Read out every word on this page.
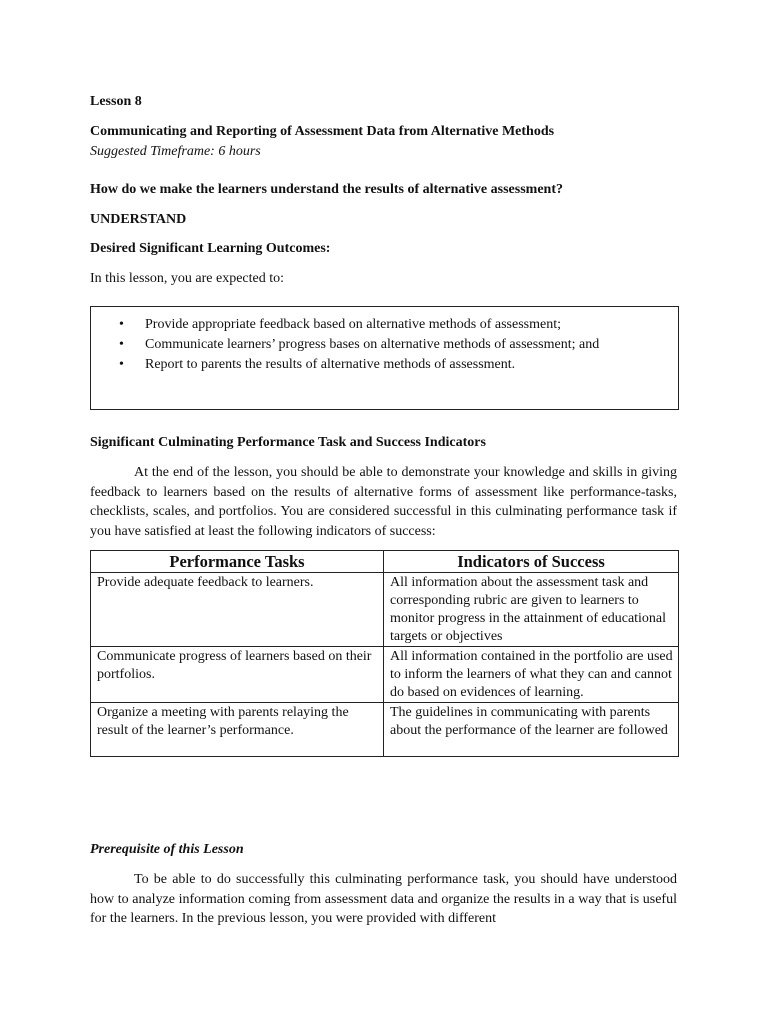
Lesson 8
Communicating and Reporting of Assessment Data from Alternative Methods
Suggested Timeframe: 6 hours
How do we make the learners understand the results of alternative assessment?
UNDERSTAND
Desired Significant Learning Outcomes:
In this lesson, you are expected to:
• Provide appropriate feedback based on alternative methods of assessment;
• Communicate learners’ progress bases on alternative methods of assessment; and
• Report to parents the results of alternative methods of assessment.
Significant Culminating Performance Task and Success Indicators

At the end of the lesson, you should be able to demonstrate your knowledge and skills in giving feedback to learners based on the results of alternative forms of assessment like performance-tasks, checklists, scales, and portfolios. You are considered successful in this culminating performance task if you have satisfied at least the following indicators of success:

Performance Tasks	Indicators of Success
Provide adequate feedback to learners.	All information about the assessment task and corresponding rubric are given to learners to monitor progress in the attainment of educational targets or objectives
Communicate progress of learners based on their portfolios.	All information contained in the portfolio are used to inform the learners of what they can and cannot do based on evidences of learning.
Organize a meeting with parents relaying the result of the learner’s performance.	The guidelines in communicating with parents about the performance of the learner are followed
Prerequisite of this Lesson

To be able to do successfully this culminating performance task, you should have understood how to analyze information coming from assessment data and organize the results in a way that is useful for the learners. In the previous lesson, you were provided with different
